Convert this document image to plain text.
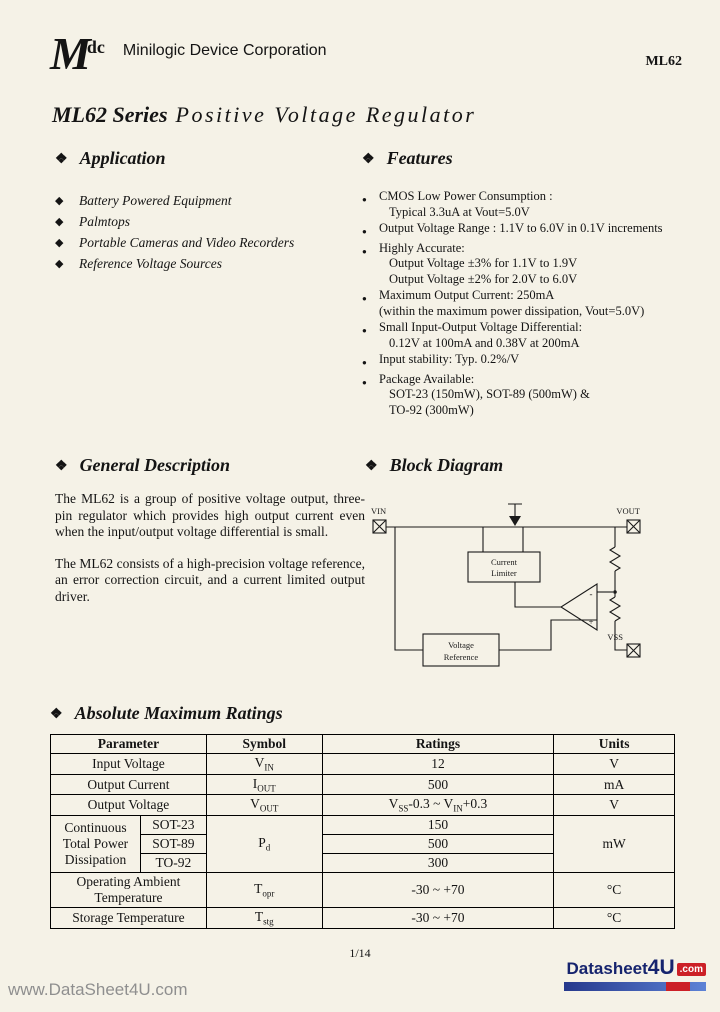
Mdc Minilogic Device Corporation
ML62
ML62 Series Positive Voltage Regulator
❖ Application
◆	Battery Powered Equipment
◆	Palmtops
◆	Portable Cameras and Video Recorders
◆	Reference Voltage Sources
❖ Features
● CMOS Low Power Consumption :
Typical 3.3uA at Vout=5.0V
● Output Voltage Range : 1.1V to 6.0V in 0.1V increments
● Highly Accurate:
Output Voltage ±3% for 1.1V to 1.9V
Output Voltage ±2% for 2.0V to 6.0V
● Maximum Output Current: 250mA
(within the maximum power dissipation, Vout=5.0V)
● Small Input-Output Voltage Differential:
0.12V at 100mA and 0.38V at 200mA
● Input stability: Typ. 0.2%/V
● Package Available:
SOT-23 (150mW), SOT-89 (500mW) &
TO-92 (300mW)
❖ General Description

The ML62 is a group of positive voltage output, three-pin regulator which provides high output current even when the input/output voltage differential is small.

The ML62 consists of a high-precision voltage reference, an error correction circuit, and a current limited output driver.

❖ Block Diagram
VIN	VOUT
VSS
Current
Limiter
Voltage
Reference
-
+
❖ Absolute Maximum Ratings
Parameter		Symbol	Ratings	Units
Input Voltage		$V_{IN}$	12	V
Output Current		$I_{OUT}$	500	mA
Output Voltage		$V_{OUT}$	$V_{SS}-0.3$ ~ $V_{IN}+0.3$	V
Continuous Total Power Dissipation	SOT-23	$P_d$	150	mW
	SOT-89		500	
	TO-92		300	
Operating Ambient Temperature		$T_{opr}$	-30 ~ +70	°C
Storage Temperature		$T_{stg}$	-30 ~ +70	°C
1/14
www.DataSheet4U.com
Datasheet 4U .com
